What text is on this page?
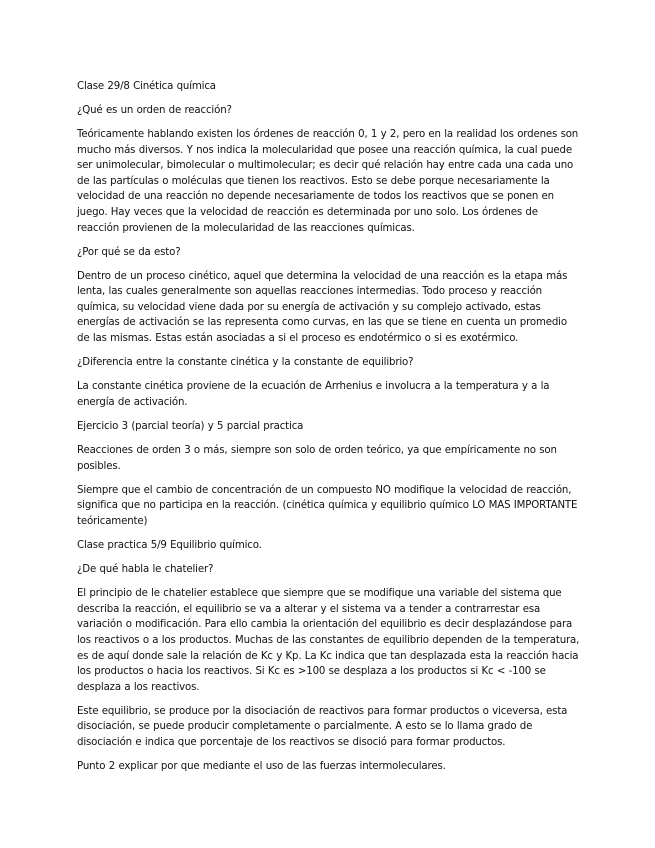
Clase 29/8 Cinética química

¿Qué es un orden de reacción?

Teóricamente hablando existen los órdenes de reacción 0, 1 y 2, pero en la realidad los ordenes son mucho más diversos. Y nos indica la molecularidad que posee una reacción química, la cual puede ser unimolecular, bimolecular o multimolecular; es decir qué relación hay entre cada una cada uno de las partículas o moléculas que tienen los reactivos. Esto se debe porque necesariamente la velocidad de una reacción no depende necesariamente de todos los reactivos que se ponen en juego. Hay veces que la velocidad de reacción es determinada por uno solo. Los órdenes de reacción provienen de la molecularidad de las reacciones químicas.

¿Por qué se da esto?

Dentro de un proceso cinético, aquel que determina la velocidad de una reacción es la etapa más lenta, las cuales generalmente son aquellas reacciones intermedias. Todo proceso y reacción química, su velocidad viene dada por su energía de activación y su complejo activado, estas energías de activación se las representa como curvas, en las que se tiene en cuenta un promedio de las mismas. Estas están asociadas a si el proceso es endotérmico o si es exotérmico.

¿Diferencia entre la constante cinética y la constante de equilibrio?

La constante cinética proviene de la ecuación de Arrhenius e involucra a la temperatura y a la energía de activación.

Ejercicio 3 (parcial teoría) y 5 parcial practica

Reacciones de orden 3 o más, siempre son solo de orden teórico, ya que empíricamente no son posibles.

Siempre que el cambio de concentración de un compuesto NO modifique la velocidad de reacción, significa que no participa en la reacción. (cinética química y equilibrio químico LO MAS IMPORTANTE teóricamente)

Clase practica 5/9 Equilibrio químico.

¿De qué habla le chatelier?

El principio de le chatelier establece que siempre que se modifique una variable del sistema que describa la reacción, el equilibrio se va a alterar y el sistema va a tender a contrarrestar esa variación o modificación. Para ello cambia la orientación del equilibrio es decir desplazándose para los reactivos o a los productos. Muchas de las constantes de equilibrio dependen de la temperatura, es de aquí donde sale la relación de Kc y Kp. La Kc indica que tan desplazada esta la reacción hacia los productos o hacia los reactivos. Si Kc es >100 se desplaza a los productos si Kc < -100 se desplaza a los reactivos.

Este equilibrio, se produce por la disociación de reactivos para formar productos o viceversa, esta disociación, se puede producir completamente o parcialmente. A esto se lo llama grado de disociación e indica que porcentaje de los reactivos se disoció para formar productos.

Punto 2 explicar por que mediante el uso de las fuerzas intermoleculares.
